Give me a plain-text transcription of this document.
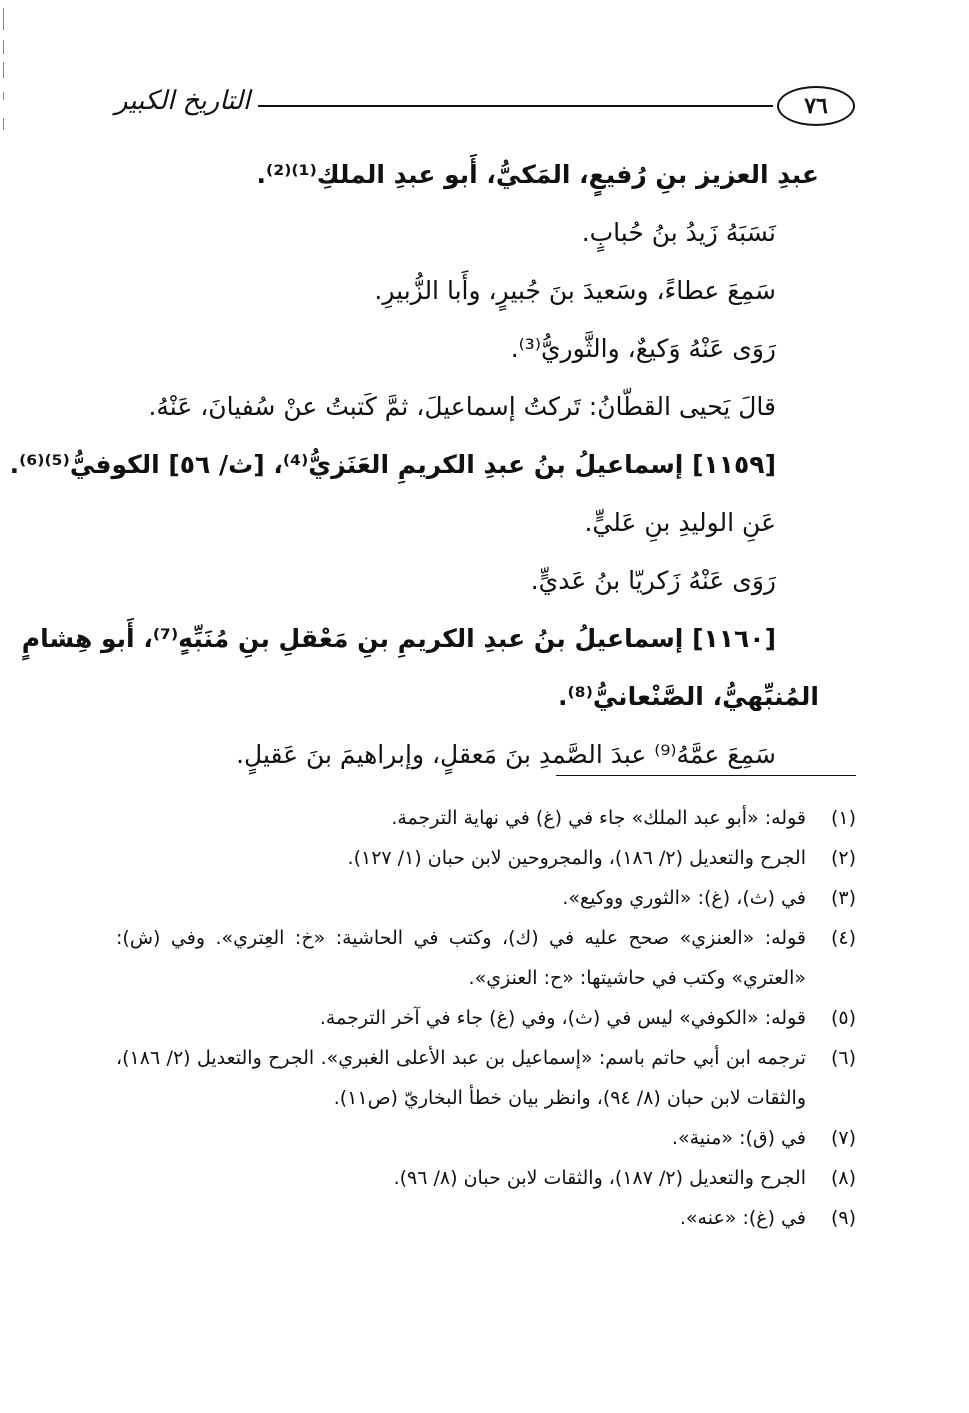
٧٦
التاريخ الكبير
عبدِ العزيز بنِ رُفيعٍ، المَكيُّ، أَبو عبدِ الملكِ⁽¹⁾⁽²⁾.
نَسَبَهُ زَيدُ بنُ حُبابٍ.
سَمِعَ عطاءً، وسَعيدَ بنَ جُبيرٍ، وأَبا الزُّبيرِ.
رَوَى عَنْهُ وَكيعٌ، والثَّوريُّ⁽³⁾.
قالَ يَحيى القطّانُ: تَركتُ إسماعيلَ، ثمَّ كَتبتُ عنْ سُفيانَ، عَنْهُ.
[١١٥٩] إسماعيلُ بنُ عبدِ الكريمِ العَنَزيُّ⁽⁴⁾، [ث/ ٥٦] الكوفيُّ⁽⁵⁾⁽⁶⁾.
عَنِ الوليدِ بنِ عَليٍّ.
رَوَى عَنْهُ زَكريّا بنُ عَديٍّ.
[١١٦٠] إسماعيلُ بنُ عبدِ الكريمِ بنِ مَعْقلِ بنِ مُنَبِّهٍ⁽⁷⁾، أَبو هِشامٍ
المُنبِّهيُّ، الصَّنْعانيُّ⁽⁸⁾.
سَمِعَ عمَّهُ⁽⁹⁾ عبدَ الصَّمدِ بنَ مَعقلٍ، وإبراهيمَ بنَ عَقيلٍ.
(١)
قوله: «أبو عبد الملك» جاء في (غ) في نهاية الترجمة.
(٢)
الجرح والتعديل (٢/ ١٨٦)، والمجروحين لابن حبان (١/ ١٢٧).
(٣)
في (ث)، (غ): «الثوري ووكيع».
(٤)
قوله: «العنزي» صحح عليه في (ك)، وكتب في الحاشية: «خ: العِتري». وفي (ش): «العتري» وكتب في حاشيتها: «ح: العنزي».
(٥)
قوله: «الكوفي» ليس في (ث)، وفي (غ) جاء في آخر الترجمة.
(٦)
ترجمه ابن أبي حاتم باسم: «إسماعيل بن عبد الأعلى الغبري». الجرح والتعديل (٢/ ١٨٦)، والثقات لابن حبان (٨/ ٩٤)، وانظر بيان خطأ البخاريّ (ص١١).
(٧)
في (ق): «منية».
(٨)
الجرح والتعديل (٢/ ١٨٧)، والثقات لابن حبان (٨/ ٩٦).
(٩)
في (غ): «عنه».
